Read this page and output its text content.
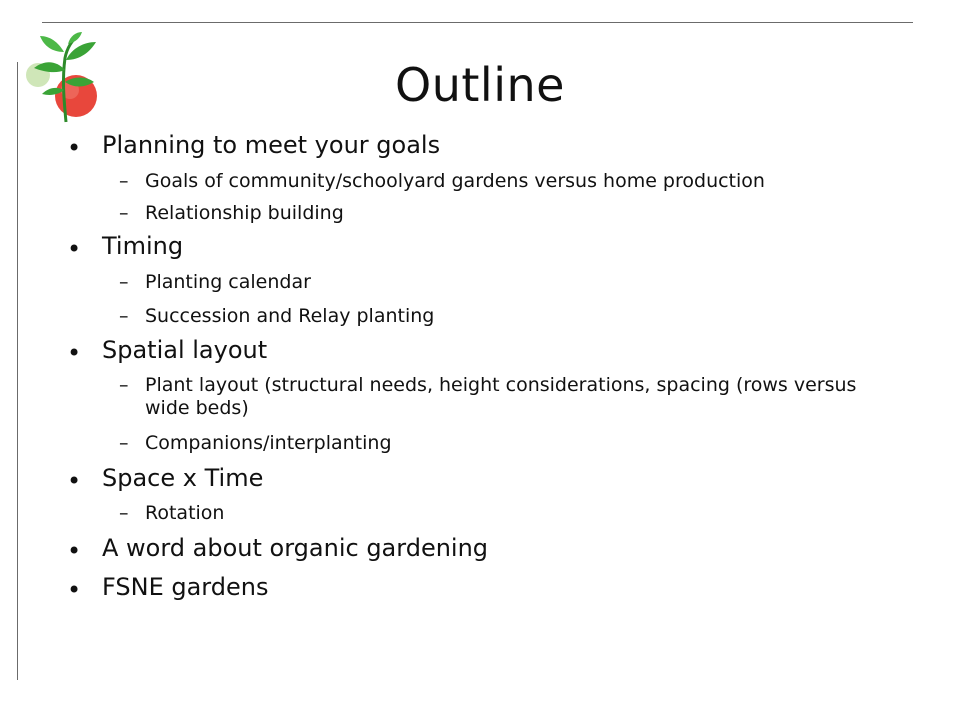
Outline
• Planning to meet your goals
– Goals of community/schoolyard gardens versus home production
– Relationship building
• Timing
– Planting calendar
– Succession and Relay planting
• Spatial layout
– Plant layout (structural needs, height considerations, spacing (rows versus wide beds)
– Companions/interplanting
• Space x Time
– Rotation
• A word about organic gardening
• FSNE gardens
